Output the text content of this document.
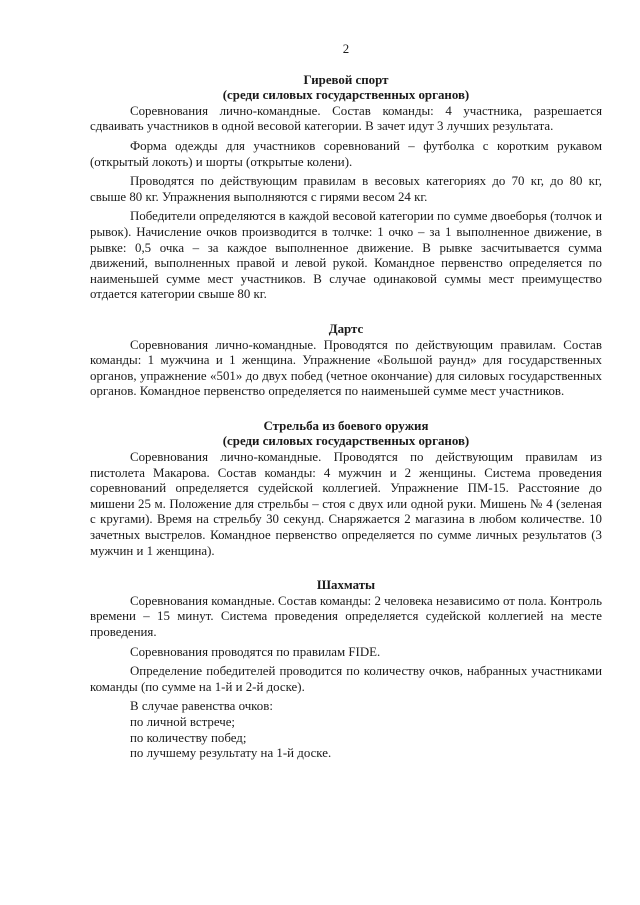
2

Гиревой спорт

(среди силовых государственных органов)

Соревнования лично-командные. Состав команды: 4 участника, разрешается сдваивать участников в одной весовой категории. В зачет идут 3 лучших результата.

Форма одежды для участников соревнований – футболка с коротким рукавом (открытый локоть) и шорты (открытые колени).

Проводятся по действующим правилам в весовых категориях до 70 кг, до 80 кг, свыше 80 кг. Упражнения выполняются с гирями весом 24 кг.

Победители определяются в каждой весовой категории по сумме двоеборья (толчок и рывок). Начисление очков производится в толчке: 1 очко – за 1 выполненное движение, в рывке: 0,5 очка – за каждое выполненное движение. В рывке засчитывается сумма движений, выполненных правой и левой рукой. Командное первенство определяется по наименьшей сумме мест участников. В случае одинаковой суммы мест преимущество отдается категории свыше 80 кг.

Дартс

Соревнования лично-командные. Проводятся по действующим правилам. Состав команды: 1 мужчина и 1 женщина. Упражнение «Большой раунд» для государственных органов, упражнение «501» до двух побед (четное окончание) для силовых государственных органов. Командное первенство определяется по наименьшей сумме мест участников.

Стрельба из боевого оружия

(среди силовых государственных органов)

Соревнования лично-командные. Проводятся по действующим правилам из пистолета Макарова. Состав команды: 4 мужчин и 2 женщины. Система проведения соревнований определяется судейской коллегией. Упражнение ПМ-15. Расстояние до мишени 25 м. Положение для стрельбы – стоя с двух или одной руки. Мишень № 4 (зеленая с кругами). Время на стрельбу 30 секунд. Снаряжается 2 магазина в любом количестве. 10 зачетных выстрелов. Командное первенство определяется по сумме личных результатов (3 мужчин и 1 женщина).

Шахматы

Соревнования командные. Состав команды: 2 человека независимо от пола. Контроль времени – 15 минут. Система проведения определяется судейской коллегией на месте проведения.

Соревнования проводятся по правилам FIDE.

Определение победителей проводится по количеству очков, набранных участниками команды (по сумме на 1-й и 2-й доске).

В случае равенства очков:

по личной встрече;

по количеству побед;

по лучшему результату на 1-й доске.
